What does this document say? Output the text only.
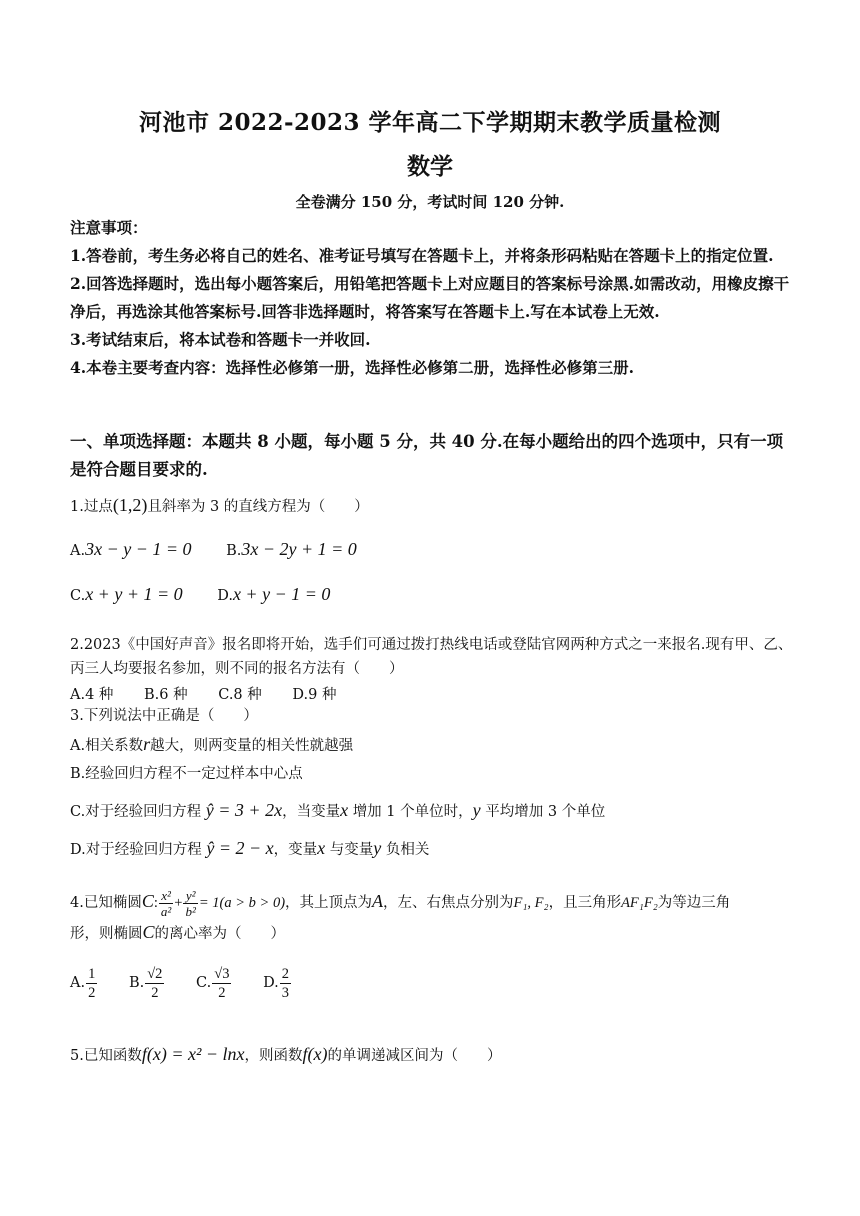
河池市 2022-2023 学年高二下学期期末教学质量检测
数学
全卷满分 150 分，考试时间 120 分钟.

注意事项：

1.答卷前，考生务必将自己的姓名、准考证号填写在答题卡上，并将条形码粘贴在答题卡上的指定位置.

2.回答选择题时，选出每小题答案后，用铅笔把答题卡上对应题目的答案标号涂黑.如需改动，用橡皮擦干净后，再选涂其他答案标号.回答非选择题时，将答案写在答题卡上.写在本试卷上无效.

3.考试结束后，将本试卷和答题卡一并收回.

4.本卷主要考查内容：选择性必修第一册，选择性必修第二册，选择性必修第三册.

一、单项选择题：本题共 8 小题，每小题 5 分，共 40 分.在每小题给出的四个选项中，只有一项是符合题目要求的.

1.过点(1,2)且斜率为 3 的直线方程为（　　）

A.3x − y − 1 = 0 B.3x − 2y + 1 = 0
C.x + y + 1 = 0 D.x + y − 1 = 0

2.2023《中国好声音》报名即将开始，选手们可通过拨打热线电话或登陆官网两种方式之一来报名.现有甲、乙、丙三人均要报名参加，则不同的报名方法有（　　）

A.4 种 B.6 种 C.8 种 D.9 种

3.下列说法中正确是（　　）

A.相关系数r越大，则两变量的相关性就越强

B.经验回归方程不一定过样本中心点

C.对于经验回归方程 ŷ = 3 + 2x，当变量x 增加 1 个单位时，y 平均增加 3 个单位

D.对于经验回归方程 ŷ = 2 − x，变量x 与变量y 负相关

4.已知椭圆C: $\frac{\text{x²}}{\text{a²}} + \frac{\text{y²}}{\text{b²}} = 1(a > b > 0)$，其上顶点为A，左、右焦点分别为F₁, F₂，且三角形AF₁F₂为等边三角

形，则椭圆C的离心率为（　　）

A. $\frac{1}{2} B$. $\frac{√2}{2} C$. $\frac{√3}{2} D$. $\frac{2}{3}$

5.已知函数f(x) = x² − lnx，则函数f(x)的单调递减区间为（　　）
